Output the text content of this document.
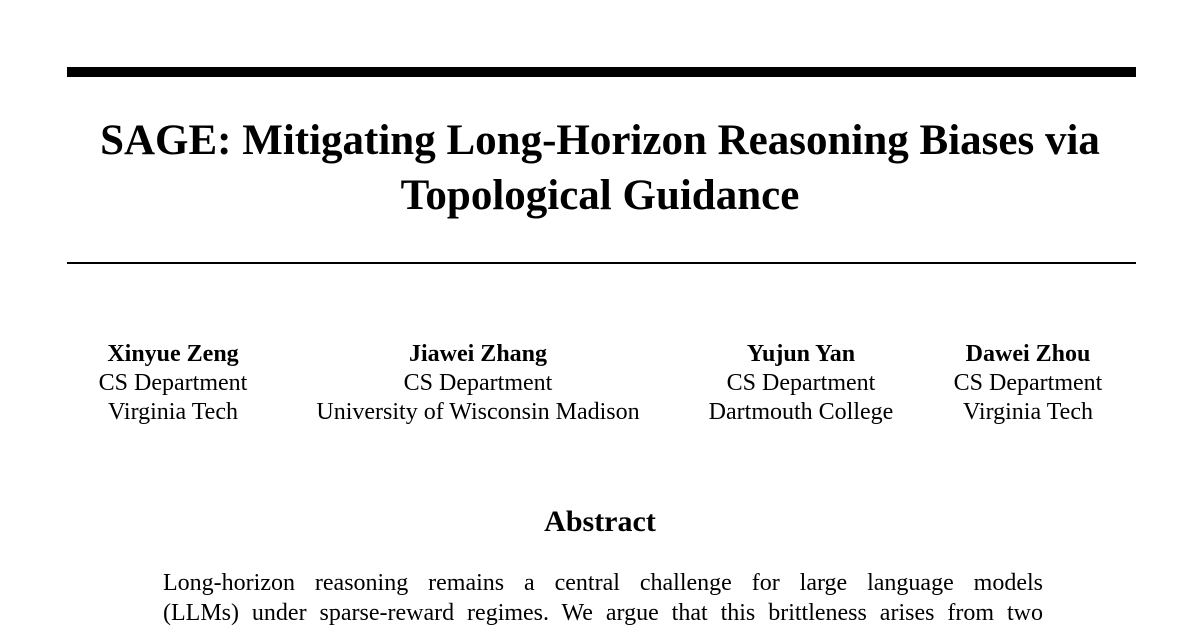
SAGE: Mitigating Long-Horizon Reasoning Biases via
Topological Guidance
Xinyue Zeng
CS Department
Virginia Tech
Jiawei Zhang
CS Department
University of Wisconsin Madison
Yujun Yan
CS Department
Dartmouth College
Dawei Zhou
CS Department
Virginia Tech
Abstract

Long-horizon reasoning remains a central challenge for large language models
(LLMs) under sparse-reward regimes. We argue that this brittleness arises from two
